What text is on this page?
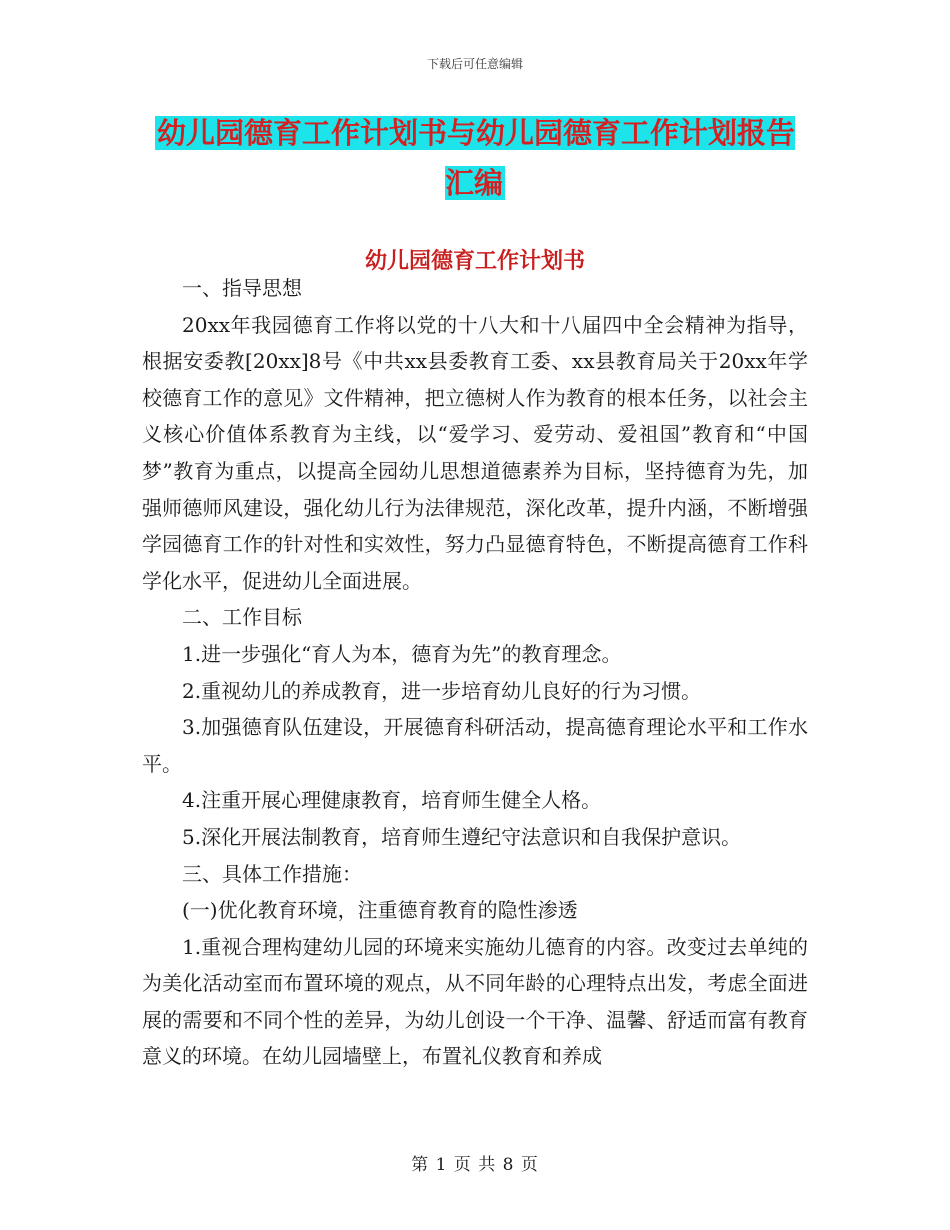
下载后可任意编辑
幼儿园德育工作计划书与幼儿园德育工作计划报告汇编
幼儿园德育工作计划书

一、指导思想

20xx年我园德育工作将以党的十八大和十八届四中全会精神为指导，根据安委教[20xx]8号《中共xx县委教育工委、xx县教育局关于20xx年学校德育工作的意见》文件精神，把立德树人作为教育的根本任务，以社会主义核心价值体系教育为主线，以“爱学习、爱劳动、爱祖国”教育和“中国梦”教育为重点，以提高全园幼儿思想道德素养为目标，坚持德育为先，加强师德师风建设，强化幼儿行为法律规范，深化改革，提升内涵，不断增强学园德育工作的针对性和实效性，努力凸显德育特色，不断提高德育工作科学化水平，促进幼儿全面进展。

二、工作目标

1.进一步强化“育人为本，德育为先”的教育理念。

2.重视幼儿的养成教育，进一步培育幼儿良好的行为习惯。

3.加强德育队伍建设，开展德育科研活动，提高德育理论水平和工作水平。

4.注重开展心理健康教育，培育师生健全人格。

5.深化开展法制教育，培育师生遵纪守法意识和自我保护意识。

三、具体工作措施：

(一)优化教育环境，注重德育教育的隐性渗透

1.重视合理构建幼儿园的环境来实施幼儿德育的内容。改变过去单纯的为美化活动室而布置环境的观点，从不同年龄的心理特点出发，考虑全面进展的需要和不同个性的差异，为幼儿创设一个干净、温馨、舒适而富有教育意义的环境。在幼儿园墙壁上，布置礼仪教育和养成

第 1 页 共 8 页
